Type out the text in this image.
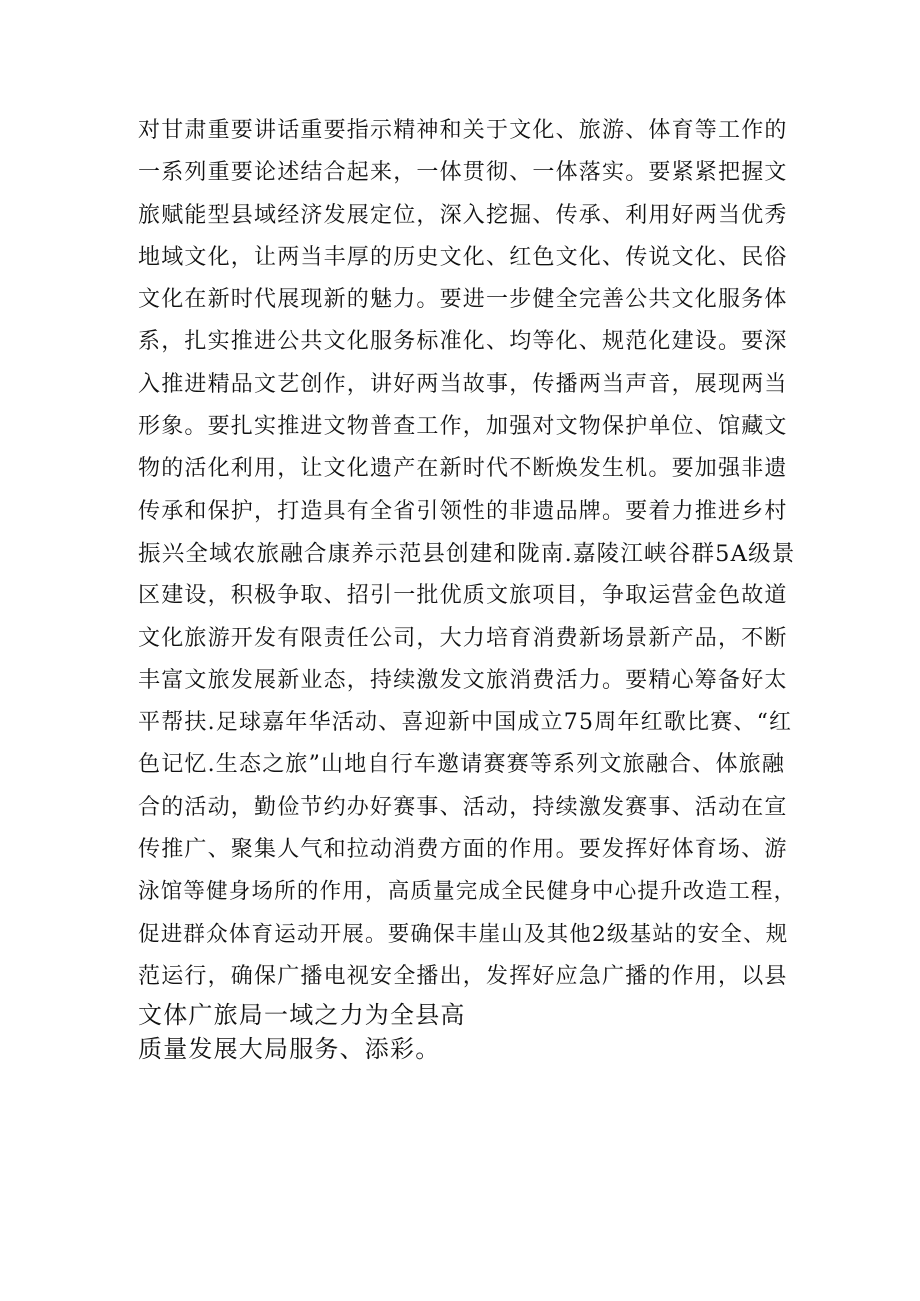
对甘肃重要讲话重要指示精神和关于文化、旅游、体育等工作的
一系列重要论述结合起来，一体贯彻、一体落实。要紧紧把握文
旅赋能型县域经济发展定位，深入挖掘、传承、利用好两当优秀
地域文化，让两当丰厚的历史文化、红色文化、传说文化、民俗
文化在新时代展现新的魅力。要进一步健全完善公共文化服务体
系，扎实推进公共文化服务标准化、均等化、规范化建设。要深
入推进精品文艺创作，讲好两当故事，传播两当声音，展现两当
形象。要扎实推进文物普查工作，加强对文物保护单位、馆藏文
物的活化利用，让文化遗产在新时代不断焕发生机。要加强非遗
传承和保护，打造具有全省引领性的非遗品牌。要着力推进乡村
振兴全域农旅融合康养示范县创建和陇南.嘉陵江峡谷群5A级景
区建设，积极争取、招引一批优质文旅项目，争取运营金色故道
文化旅游开发有限责任公司，大力培育消费新场景新产品，不断
丰富文旅发展新业态，持续激发文旅消费活力。要精心筹备好太
平帮扶.足球嘉年华活动、喜迎新中国成立75周年红歌比赛、“红
色记忆.生态之旅”山地自行车邀请赛赛等系列文旅融合、体旅融
合的活动，勤俭节约办好赛事、活动，持续激发赛事、活动在宣
传推广、聚集人气和拉动消费方面的作用。要发挥好体育场、游
泳馆等健身场所的作用，高质量完成全民健身中心提升改造工程，
促进群众体育运动开展。要确保丰崖山及其他2级基站的安全、规
范运行，确保广播电视安全播出，发挥好应急广播的作用，以县
文体广旅局一域之力为全县高
质量发展大局服务、添彩。
